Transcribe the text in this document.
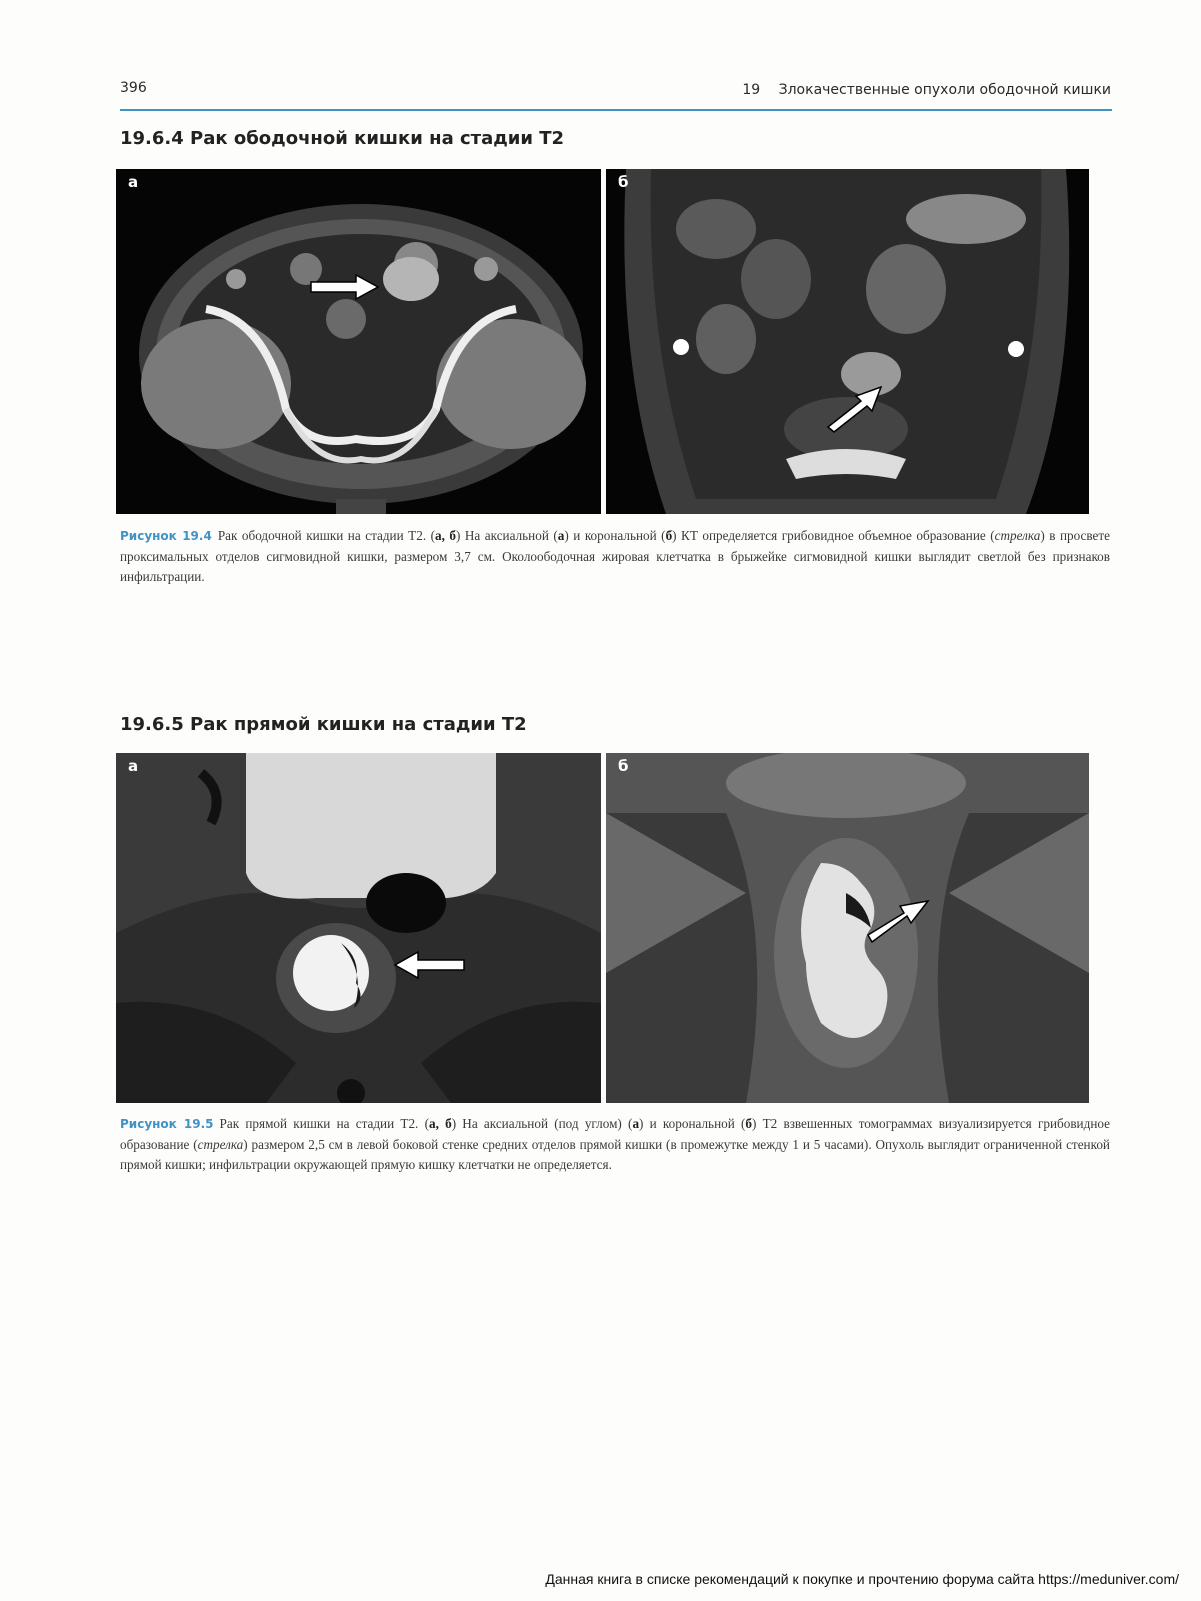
396	19 Злокачественные опухоли ободочной кишки
19.6.4 Рак ободочной кишки на стадии Т2
а	б
Рисунок 19.4 Рак ободочной кишки на стадии Т2. (а, б) На аксиальной (а) и корональной (б) КТ определяется грибовидное объемное образование (стрелка) в просвете проксимальных отделов сигмовидной кишки, размером 3,7 см. Околоободочная жировая клетчатка в брыжейке сигмовидной кишки выглядит светлой без признаков инфильтрации.
19.6.5 Рак прямой кишки на стадии Т2
а	б
Рисунок 19.5 Рак прямой кишки на стадии Т2. (а, б) На аксиальной (под углом) (а) и корональной (б) Т2 взвешенных томограммах визуализируется грибовидное образование (стрелка) размером 2,5 см в левой боковой стенке средних отделов прямой кишки (в промежутке между 1 и 5 часами). Опухоль выглядит ограниченной стенкой прямой кишки; инфильтрации окружающей прямую кишку клетчатки не определяется.
Данная книга в списке рекомендаций к покупке и прочтению форума сайта https://meduniver.com/
